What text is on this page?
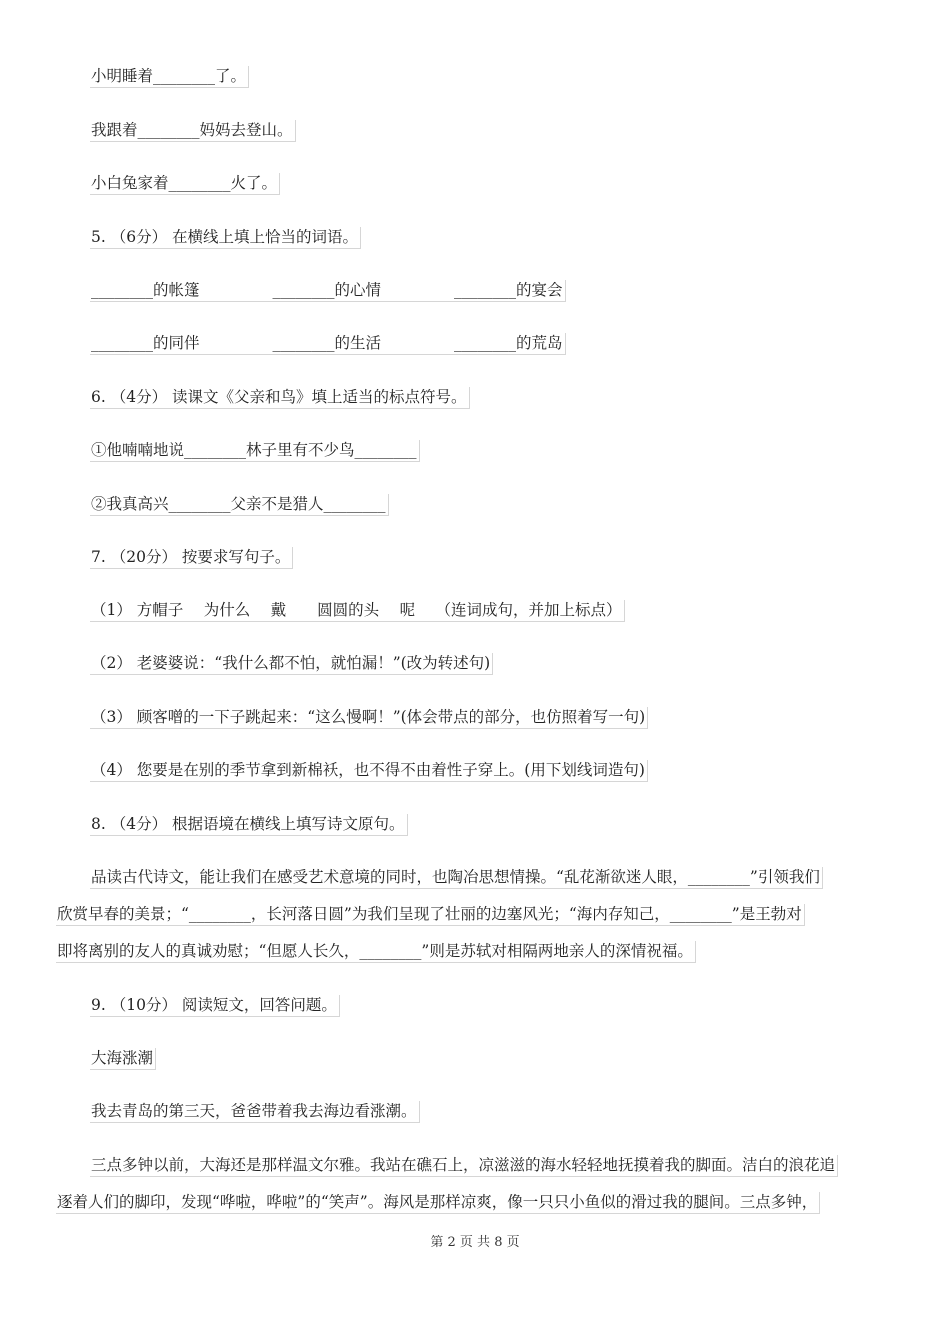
小明睡着________了。
我跟着________妈妈去登山。
小白兔家着________火了。
5. （6分） 在横线上填上恰当的词语。
________的帐篷	________的心情	________的宴会
________的同伴	________的生活	________的荒岛
6. （4分） 读课文《父亲和鸟》填上适当的标点符号。
①他喃喃地说________林子里有不少鸟________
②我真高兴________父亲不是猎人________
7. （20分） 按要求写句子。
（1） 方帽子　 为什么　 戴　　圆圆的头　 呢　 （连词成句，并加上标点）
（2） 老婆婆说：“我什么都不怕，就怕漏！”(改为转述句)
（3） 顾客噌的一下子跳起来：“这么慢啊！”(体会带点的部分，也仿照着写一句)
（4） 您要是在别的季节拿到新棉袄，也不得不由着性子穿上。(用下划线词造句)
8. （4分） 根据语境在横线上填写诗文原句。
品读古代诗文，能让我们在感受艺术意境的同时，也陶冶思想情操。“乱花渐欲迷人眼，________”引领我们
欣赏早春的美景；“________，长河落日圆”为我们呈现了壮丽的边塞风光；“海内存知己，________”是王勃对
即将离别的友人的真诚劝慰；“但愿人长久，________”则是苏轼对相隔两地亲人的深情祝福。
9. （10分） 阅读短文，回答问题。
大海涨潮
我去青岛的第三天，爸爸带着我去海边看涨潮。
三点多钟以前，大海还是那样温文尔雅。我站在礁石上，凉滋滋的海水轻轻地抚摸着我的脚面。洁白的浪花追
逐着人们的脚印，发现“哗啦，哗啦”的“笑声”。海风是那样凉爽，像一只只小鱼似的滑过我的腿间。三点多钟，
第 2 页 共 8 页
